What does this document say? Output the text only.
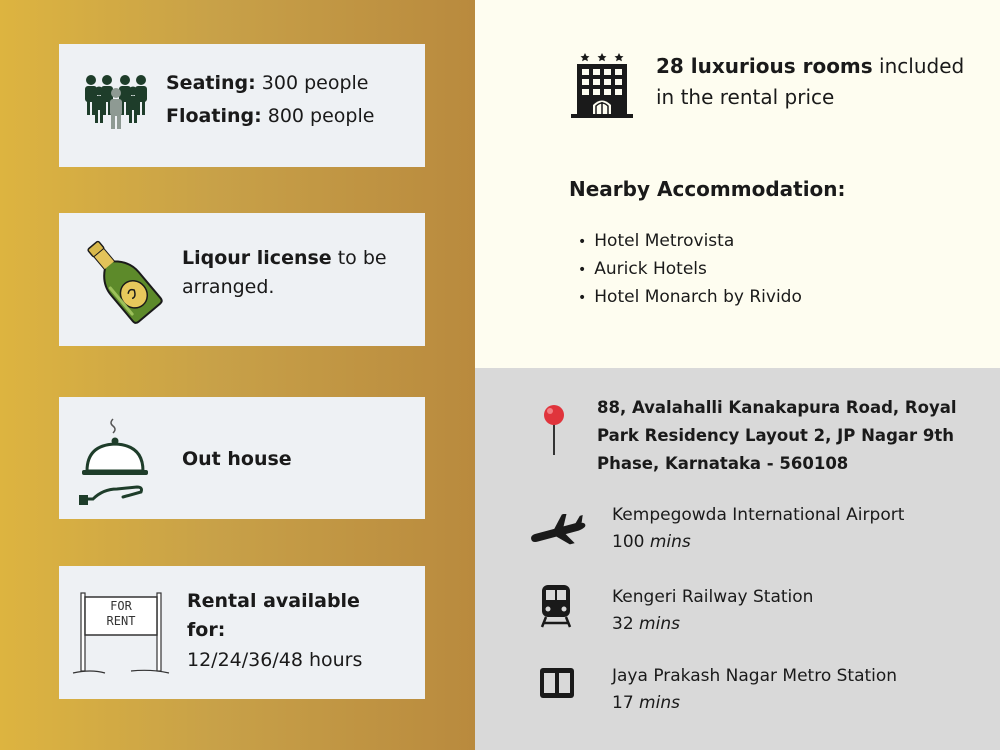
Seating: 300 people
Floating: 800 people
Liqour license to be arranged.
Out house
FOR
RENT
Rental available for:
12/24/36/48 hours
28 luxurious rooms included
in the rental price
Nearby Accommodation:
• Hotel Metrovista
• Aurick Hotels
• Hotel Monarch by Rivido
88, Avalahalli Kanakapura Road, Royal Park Residency Layout 2, JP Nagar 9th Phase, Karnataka - 560108
Kempegowda International Airport
100 mins
Kengeri Railway Station
32 mins
Jaya Prakash Nagar Metro Station
17 mins
